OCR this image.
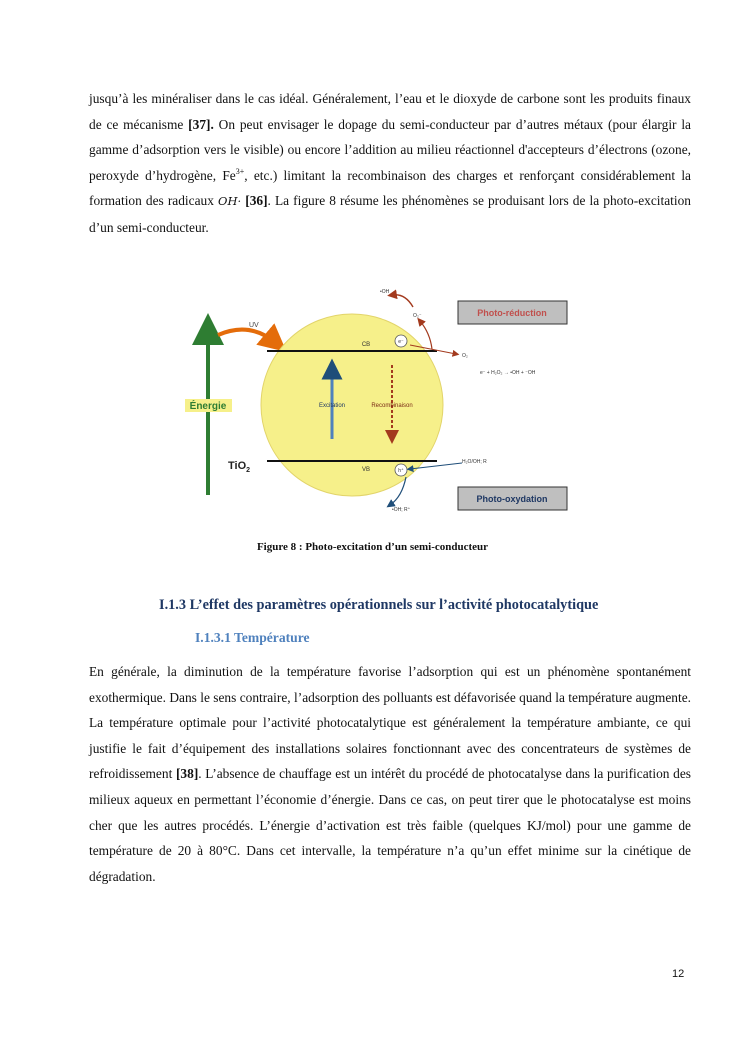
jusqu’à les minéraliser dans le cas idéal. Généralement, l’eau et le dioxyde de carbone sont les produits finaux de ce mécanisme [37]. On peut envisager le dopage du semi-conducteur par d’autres métaux (pour élargir la gamme d’adsorption vers le visible) ou encore l’addition au milieu réactionnel d'accepteurs d’électrons (ozone, peroxyde d’hydrogène, $Fe^{3+}$, etc.) limitant la recombinaison des charges et renforçant considérablement la formation des radicaux OH· [36]. La figure 8 résume les phénomènes se produisant lors de la photo-excitation d’un semi-conducteur.

Énergie
TiO$_2$
UV
CB
VB
Excitation	Recombinaison
e⁻
h⁺
•OH
O₂⁻
O₂
e⁻ + H₂O₂ → •OH + ⁻OH
Photo-réduction
H₂O/OH; R
•OH; R⁺
Photo-oxydation
Figure 8 : Photo-excitation d’un semi-conducteur
I.1.3 L’effet des paramètres opérationnels sur l’activité photocatalytique
I.1.3.1 Température

En générale, la diminution de la température favorise l’adsorption qui est un phénomène spontanément exothermique. Dans le sens contraire, l’adsorption des polluants est défavorisée quand la température augmente. La température optimale pour l’activité photocatalytique est généralement la température ambiante, ce qui justifie le fait d’équipement des installations solaires fonctionnant avec des concentrateurs de systèmes de refroidissement [38]. L’absence de chauffage est un intérêt du procédé de photocatalyse dans la purification des milieux aqueux en permettant l’économie d’énergie. Dans ce cas, on peut tirer que le photocatalyse est moins cher que les autres procédés. L’énergie d’activation est très faible (quelques KJ/mol) pour une gamme de température de 20 à 80°C. Dans cet intervalle, la température n’a qu’un effet minime sur la cinétique de dégradation.

12
